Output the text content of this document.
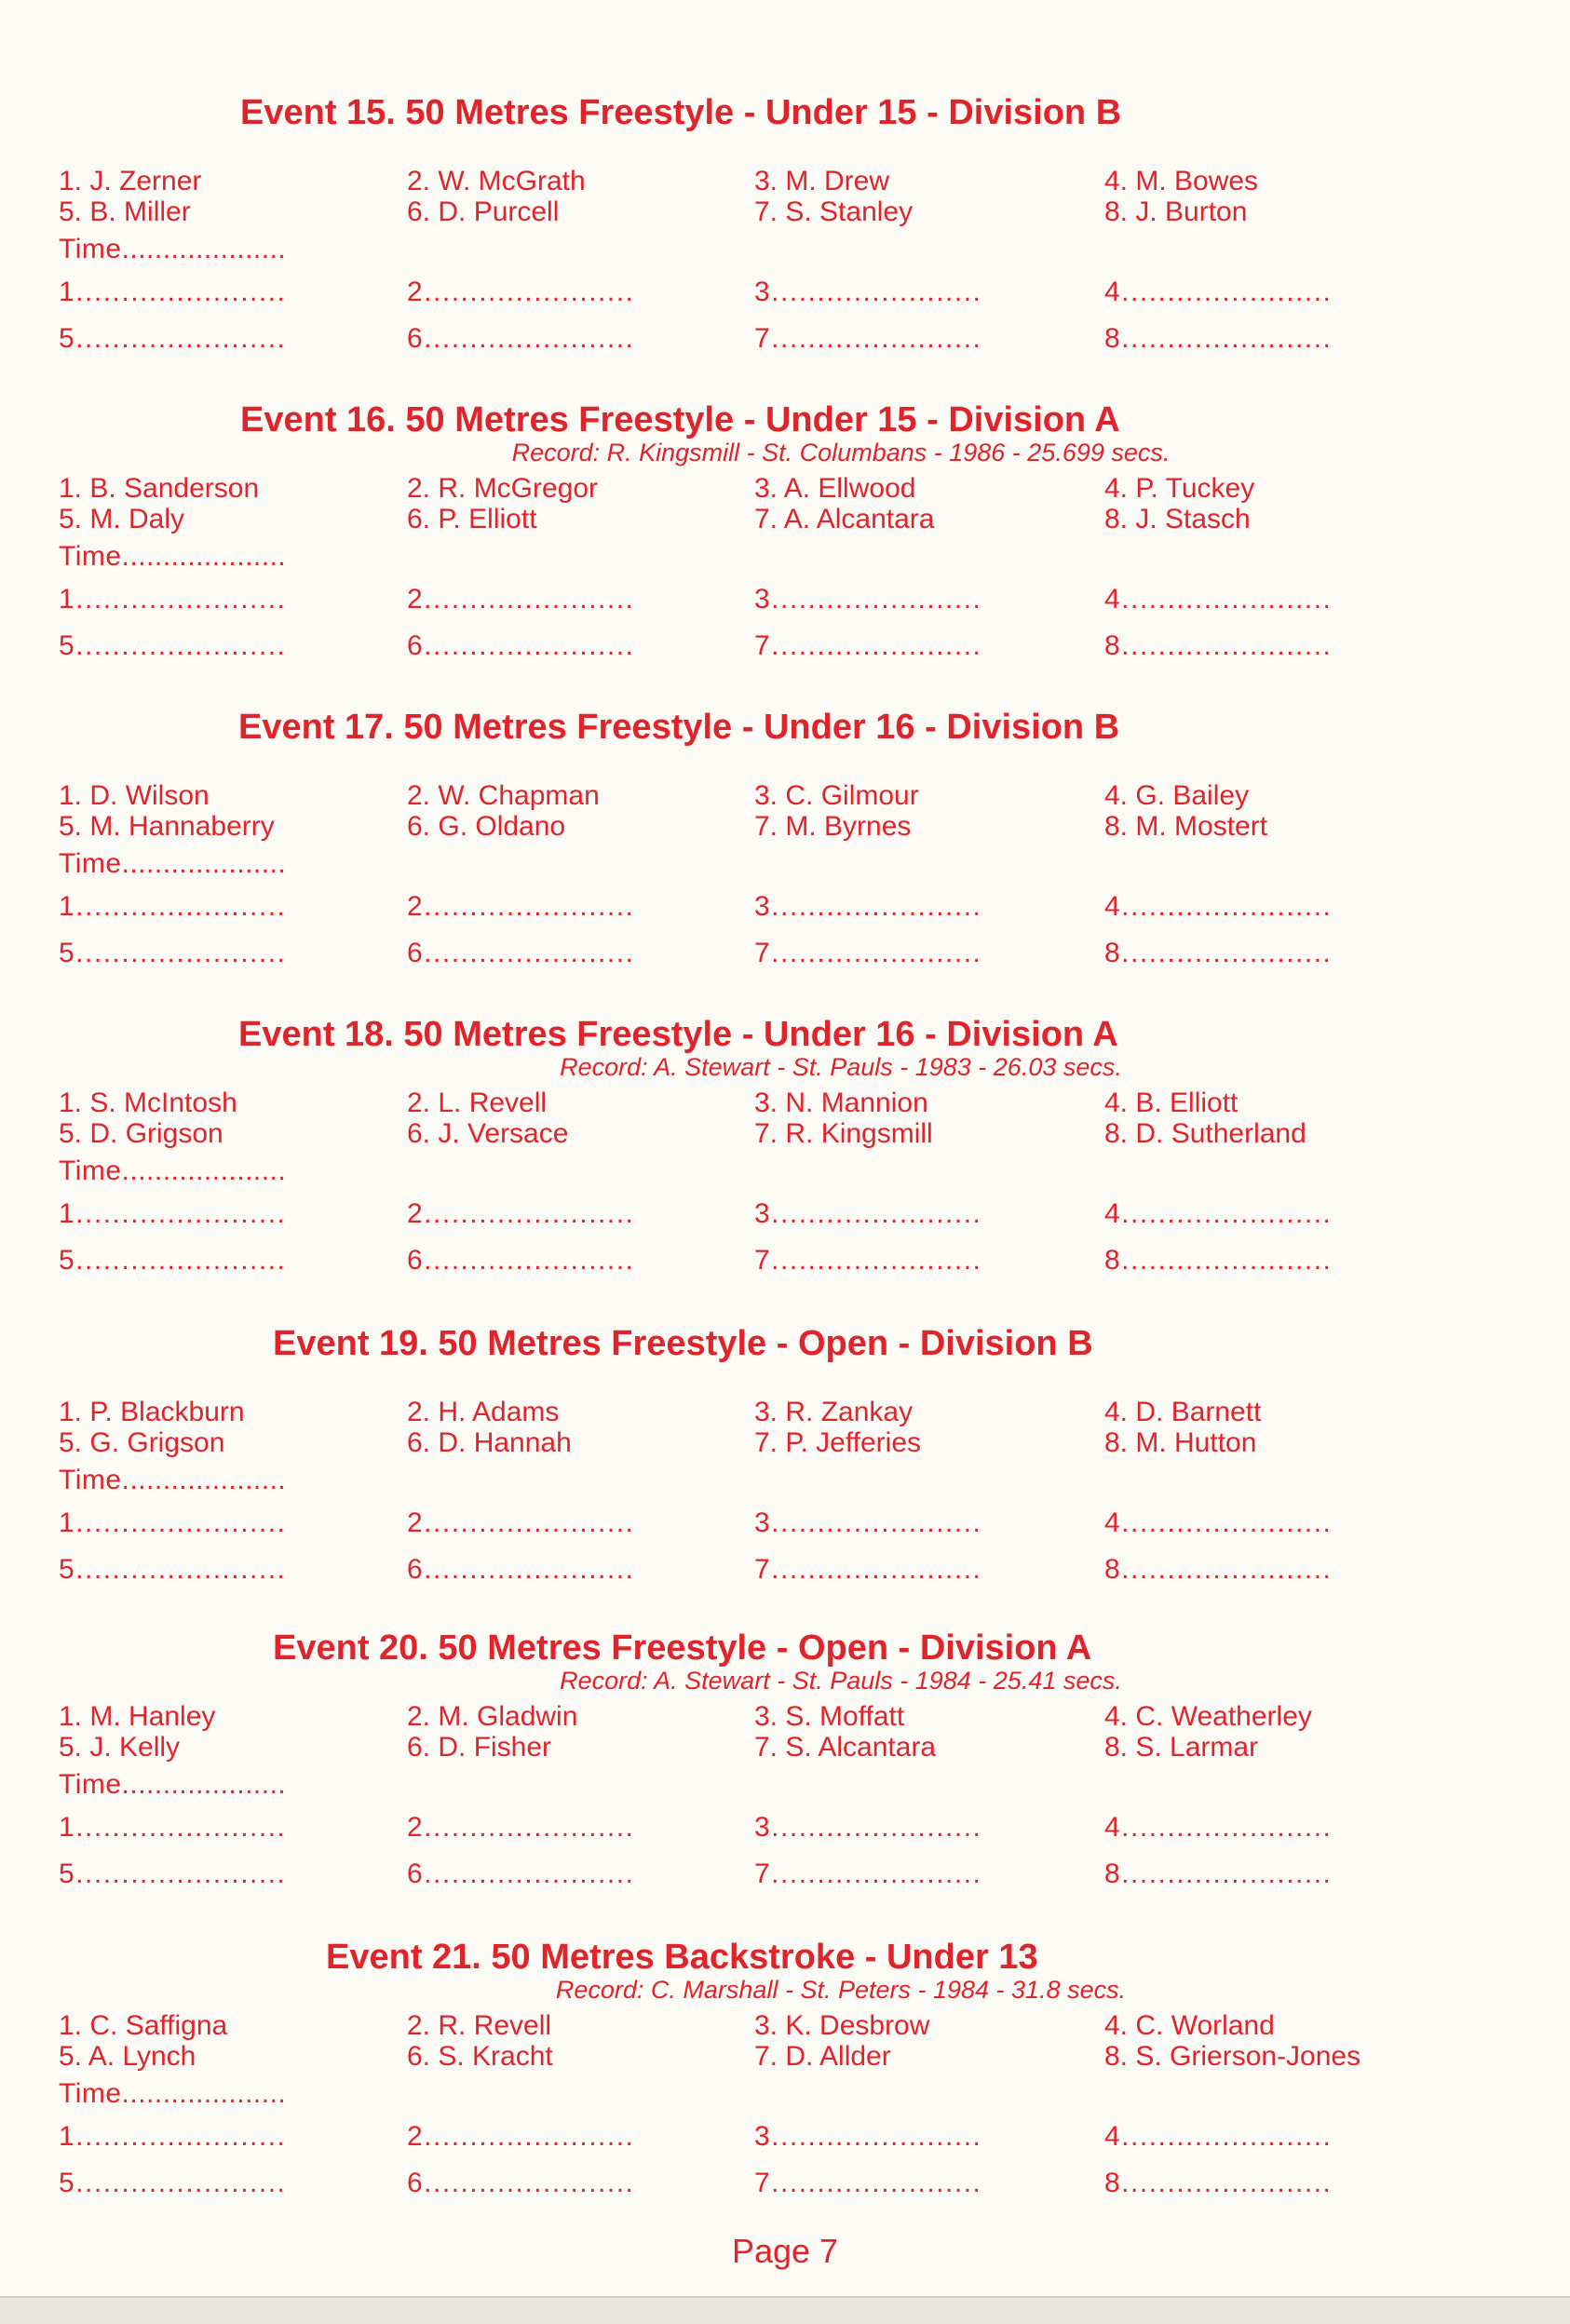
Event 15. 50 Metres Freestyle - Under 15 - Division B
1. J. Zerner	2. W. McGrath	3. M. Drew	4. M. Bowes
5. B. Miller	6. D. Purcell	7. S. Stanley	8. J. Burton
Time....................
1.......................	2.......................	3.......................	4.......................
5.......................	6.......................	7.......................	8.......................
Event 16. 50 Metres Freestyle - Under 15 - Division A
Record: R. Kingsmill - St. Columbans - 1986 - 25.699 secs.
1. B. Sanderson	2. R. McGregor	3. A. Ellwood	4. P. Tuckey
5. M. Daly	6. P. Elliott	7. A. Alcantara	8. J. Stasch
Time....................
1.......................	2.......................	3.......................	4.......................
5.......................	6.......................	7.......................	8.......................
Event 17. 50 Metres Freestyle - Under 16 - Division B
1. D. Wilson	2. W. Chapman	3. C. Gilmour	4. G. Bailey
5. M. Hannaberry	6. G. Oldano	7. M. Byrnes	8. M. Mostert
Time....................
1.......................	2.......................	3.......................	4.......................
5.......................	6.......................	7.......................	8.......................
Event 18. 50 Metres Freestyle - Under 16 - Division A
Record: A. Stewart - St. Pauls - 1983 - 26.03 secs.
1. S. McIntosh	2. L. Revell	3. N. Mannion	4. B. Elliott
5. D. Grigson	6. J. Versace	7. R. Kingsmill	8. D. Sutherland
Time....................
1.......................	2.......................	3.......................	4.......................
5.......................	6.......................	7.......................	8.......................
Event 19. 50 Metres Freestyle - Open - Division B
1. P. Blackburn	2. H. Adams	3. R. Zankay	4. D. Barnett
5. G. Grigson	6. D. Hannah	7. P. Jefferies	8. M. Hutton
Time....................
1.......................	2.......................	3.......................	4.......................
5.......................	6.......................	7.......................	8.......................
Event 20. 50 Metres Freestyle - Open - Division A
Record: A. Stewart - St. Pauls - 1984 - 25.41 secs.
1. M. Hanley	2. M. Gladwin	3. S. Moffatt	4. C. Weatherley
5. J. Kelly	6. D. Fisher	7. S. Alcantara	8. S. Larmar
Time....................
1.......................	2.......................	3.......................	4.......................
5.......................	6.......................	7.......................	8.......................
Event 21. 50 Metres Backstroke - Under 13
Record: C. Marshall - St. Peters - 1984 - 31.8 secs.
1. C. Saffigna	2. R. Revell	3. K. Desbrow	4. C. Worland
5. A. Lynch	6. S. Kracht	7. D. Allder	8. S. Grierson-Jones
Time....................
1.......................	2.......................	3.......................	4.......................
5.......................	6.......................	7.......................	8.......................
Page 7
